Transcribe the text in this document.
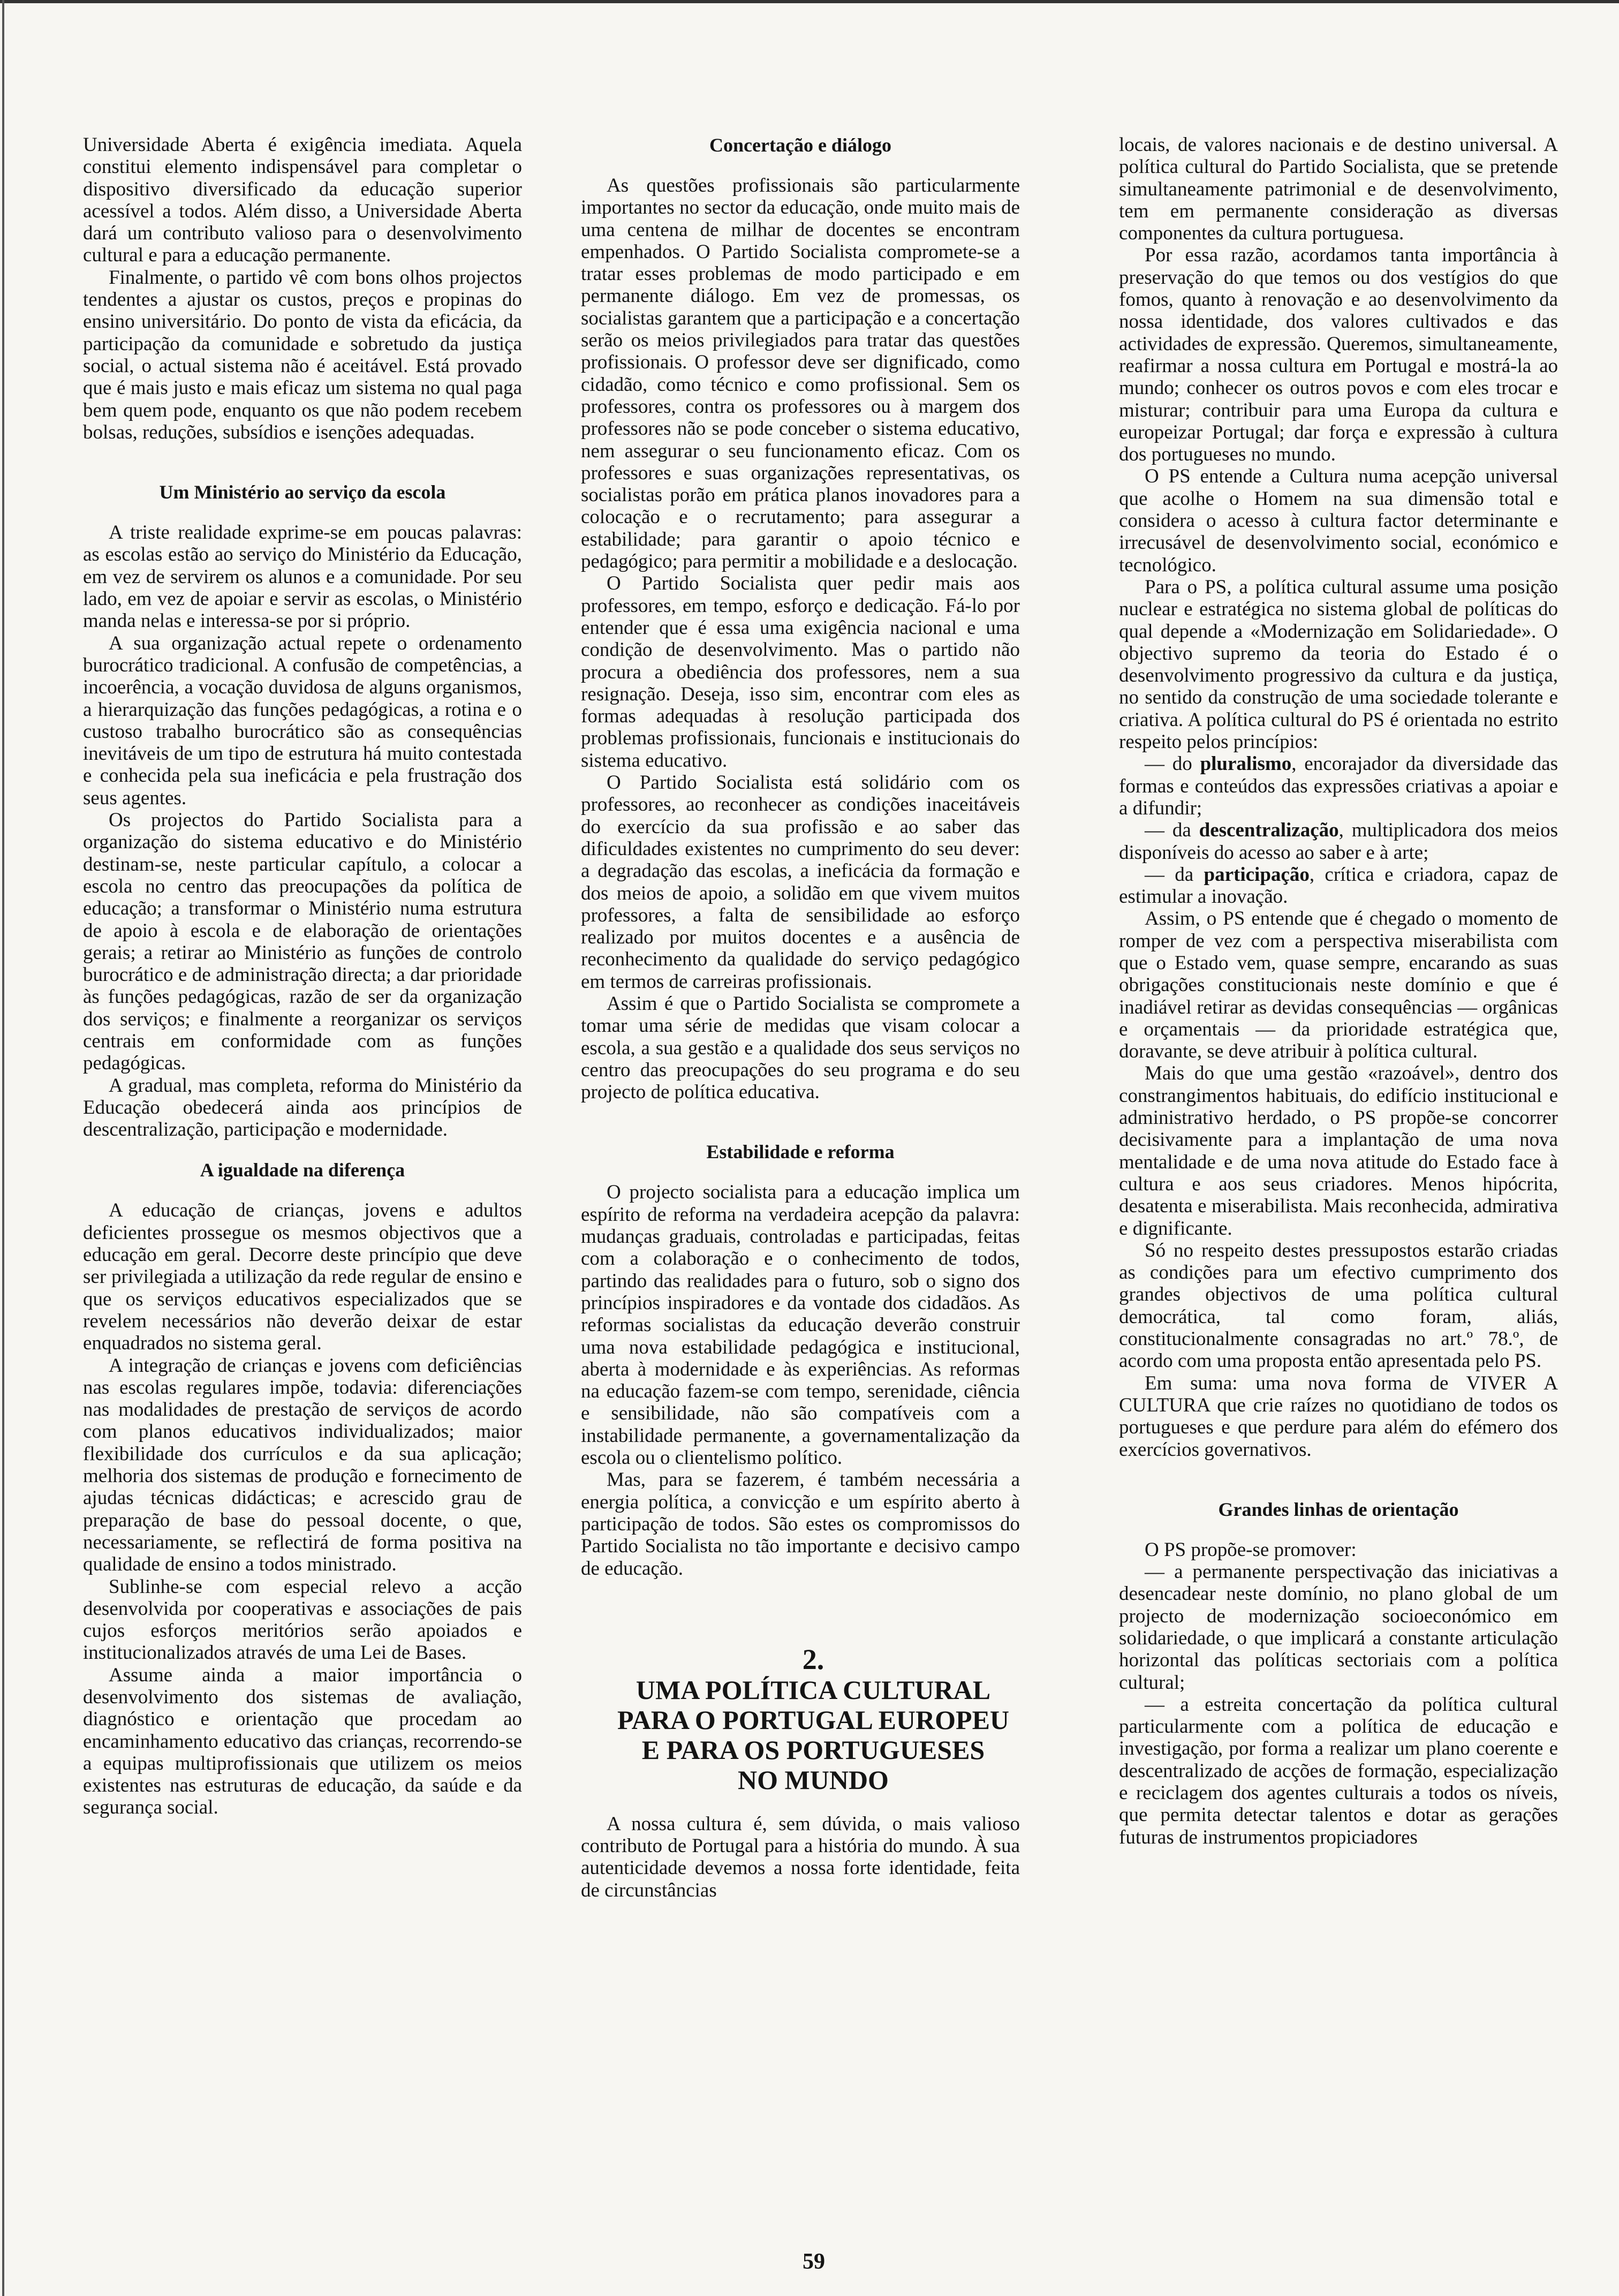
Universidade Aberta é exigência imediata. Aquela constitui elemento indispensável para completar o dispositivo diversificado da educação superior acessível a todos. Além disso, a Universidade Aberta dará um contributo valioso para o desenvolvimento cultural e para a educação permanente.

Finalmente, o partido vê com bons olhos projectos tendentes a ajustar os custos, preços e propinas do ensino universitário. Do ponto de vista da eficácia, da participação da comunidade e sobretudo da justiça social, o actual sistema não é aceitável. Está provado que é mais justo e mais eficaz um sistema no qual paga bem quem pode, enquanto os que não podem recebem bolsas, reduções, subsídios e isenções adequadas.

Um Ministério ao serviço da escola

A triste realidade exprime-se em poucas palavras: as escolas estão ao serviço do Ministério da Educação, em vez de servirem os alunos e a comunidade. Por seu lado, em vez de apoiar e servir as escolas, o Ministério manda nelas e interessa-se por si próprio.

A sua organização actual repete o ordenamento burocrático tradicional. A confusão de competências, a incoerência, a vocação duvidosa de alguns organismos, a hierarquização das funções pedagógicas, a rotina e o custoso trabalho burocrático são as consequências inevitáveis de um tipo de estrutura há muito contestada e conhecida pela sua ineficácia e pela frustração dos seus agentes.

Os projectos do Partido Socialista para a organização do sistema educativo e do Ministério destinam-se, neste particular capítulo, a colocar a escola no centro das preocupações da política de educação; a transformar o Ministério numa estrutura de apoio à escola e de elaboração de orientações gerais; a retirar ao Ministério as funções de controlo burocrático e de administração directa; a dar prioridade às funções pedagógicas, razão de ser da organização dos serviços; e finalmente a reorganizar os serviços centrais em conformidade com as funções pedagógicas.

A gradual, mas completa, reforma do Ministério da Educação obedecerá ainda aos princípios de descentralização, participação e modernidade.

A igualdade na diferença

A educação de crianças, jovens e adultos deficientes prossegue os mesmos objectivos que a educação em geral. Decorre deste princípio que deve ser privilegiada a utilização da rede regular de ensino e que os serviços educativos especializados que se revelem necessários não deverão deixar de estar enquadrados no sistema geral.

A integração de crianças e jovens com deficiências nas escolas regulares impõe, todavia: diferenciações nas modalidades de prestação de serviços de acordo com planos educativos individualizados; maior flexibilidade dos currículos e da sua aplicação; melhoria dos sistemas de produção e fornecimento de ajudas técnicas didácticas; e acrescido grau de preparação de base do pessoal docente, o que, necessariamente, se reflectirá de forma positiva na qualidade de ensino a todos ministrado.

Sublinhe-se com especial relevo a acção desenvolvida por cooperativas e associações de pais cujos esforços meritórios serão apoiados e institucionalizados através de uma Lei de Bases.

Assume ainda a maior importância o desenvolvimento dos sistemas de avaliação, diagnóstico e orientação que procedam ao encaminhamento educativo das crianças, recorrendo-se a equipas multiprofissionais que utilizem os meios existentes nas estruturas de educação, da saúde e da segurança social.

Concertação e diálogo

As questões profissionais são particularmente importantes no sector da educação, onde muito mais de uma centena de milhar de docentes se encontram empenhados. O Partido Socialista compromete-se a tratar esses problemas de modo participado e em permanente diálogo. Em vez de promessas, os socialistas garantem que a participação e a concertação serão os meios privilegiados para tratar das questões profissionais. O professor deve ser dignificado, como cidadão, como técnico e como profissional. Sem os professores, contra os professores ou à margem dos professores não se pode conceber o sistema educativo, nem assegurar o seu funcionamento eficaz. Com os professores e suas organizações representativas, os socialistas porão em prática planos inovadores para a colocação e o recrutamento; para assegurar a estabilidade; para garantir o apoio técnico e pedagógico; para permitir a mobilidade e a deslocação.

O Partido Socialista quer pedir mais aos professores, em tempo, esforço e dedicação. Fá-lo por entender que é essa uma exigência nacional e uma condição de desenvolvimento. Mas o partido não procura a obediência dos professores, nem a sua resignação. Deseja, isso sim, encontrar com eles as formas adequadas à resolução participada dos problemas profissionais, funcionais e institucionais do sistema educativo.

O Partido Socialista está solidário com os professores, ao reconhecer as condições inaceitáveis do exercício da sua profissão e ao saber das dificuldades existentes no cumprimento do seu dever: a degradação das escolas, a ineficácia da formação e dos meios de apoio, a solidão em que vivem muitos professores, a falta de sensibilidade ao esforço realizado por muitos docentes e a ausência de reconhecimento da qualidade do serviço pedagógico em termos de carreiras profissionais.

Assim é que o Partido Socialista se compromete a tomar uma série de medidas que visam colocar a escola, a sua gestão e a qualidade dos seus serviços no centro das preocupações do seu programa e do seu projecto de política educativa.

Estabilidade e reforma

O projecto socialista para a educação implica um espírito de reforma na verdadeira acepção da palavra: mudanças graduais, controladas e participadas, feitas com a colaboração e o conhecimento de todos, partindo das realidades para o futuro, sob o signo dos princípios inspiradores e da vontade dos cidadãos. As reformas socialistas da educação deverão construir uma nova estabilidade pedagógica e institucional, aberta à modernidade e às experiências. As reformas na educação fazem-se com tempo, serenidade, ciência e sensibilidade, não são compatíveis com a instabilidade permanente, a governamentalização da escola ou o clientelismo político.

Mas, para se fazerem, é também necessária a energia política, a convicção e um espírito aberto à participação de todos. São estes os compromissos do Partido Socialista no tão importante e decisivo campo de educação.

2.

UMA POLÍTICA CULTURAL

PARA O PORTUGAL EUROPEU

E PARA OS PORTUGUESES

NO MUNDO

A nossa cultura é, sem dúvida, o mais valioso contributo de Portugal para a história do mundo. À sua autenticidade devemos a nossa forte identidade, feita de circunstâncias

locais, de valores nacionais e de destino universal. A política cultural do Partido Socialista, que se pretende simultaneamente patrimonial e de desenvolvimento, tem em permanente consideração as diversas componentes da cultura portuguesa.

Por essa razão, acordamos tanta importância à preservação do que temos ou dos vestígios do que fomos, quanto à renovação e ao desenvolvimento da nossa identidade, dos valores cultivados e das actividades de expressão. Queremos, simultaneamente, reafirmar a nossa cultura em Portugal e mostrá-la ao mundo; conhecer os outros povos e com eles trocar e misturar; contribuir para uma Europa da cultura e europeizar Portugal; dar força e expressão à cultura dos portugueses no mundo.

O PS entende a Cultura numa acepção universal que acolhe o Homem na sua dimensão total e considera o acesso à cultura factor determinante e irrecusável de desenvolvimento social, económico e tecnológico.

Para o PS, a política cultural assume uma posição nuclear e estratégica no sistema global de políticas do qual depende a «Modernização em Solidariedade». O objectivo supremo da teoria do Estado é o desenvolvimento progressivo da cultura e da justiça, no sentido da construção de uma sociedade tolerante e criativa. A política cultural do PS é orientada no estrito respeito pelos princípios:

— do pluralismo, encorajador da diversidade das formas e conteúdos das expressões criativas a apoiar e a difundir;
— da descentralização, multiplicadora dos meios disponíveis do acesso ao saber e à arte;
— da participação, crítica e criadora, capaz de estimular a inovação.

Assim, o PS entende que é chegado o momento de romper de vez com a perspectiva miserabilista com que o Estado vem, quase sempre, encarando as suas obrigações constitucionais neste domínio e que é inadiável retirar as devidas consequências — orgânicas e orçamentais — da prioridade estratégica que, doravante, se deve atribuir à política cultural.

Mais do que uma gestão «razoável», dentro dos constrangimentos habituais, do edifício institucional e administrativo herdado, o PS propõe-se concorrer decisivamente para a implantação de uma nova mentalidade e de uma nova atitude do Estado face à cultura e aos seus criadores. Menos hipócrita, desatenta e miserabilista. Mais reconhecida, admirativa e dignificante.

Só no respeito destes pressupostos estarão criadas as condições para um efectivo cumprimento dos grandes objectivos de uma política cultural democrática, tal como foram, aliás, constitucionalmente consagradas no art.º 78.º, de acordo com uma proposta então apresentada pelo PS.

Em suma: uma nova forma de VIVER A CULTURA que crie raízes no quotidiano de todos os portugueses e que perdure para além do efémero dos exercícios governativos.

Grandes linhas de orientação

O PS propõe-se promover:

— a permanente perspectivação das iniciativas a desencadear neste domínio, no plano global de um projecto de modernização socioeconómico em solidariedade, o que implicará a constante articulação horizontal das políticas sectoriais com a política cultural;

— a estreita concertação da política cultural particularmente com a política de educação e investigação, por forma a realizar um plano coerente e descentralizado de acções de formação, especialização e reciclagem dos agentes culturais a todos os níveis, que permita detectar talentos e dotar as gerações futuras de instrumentos propiciadores

59
